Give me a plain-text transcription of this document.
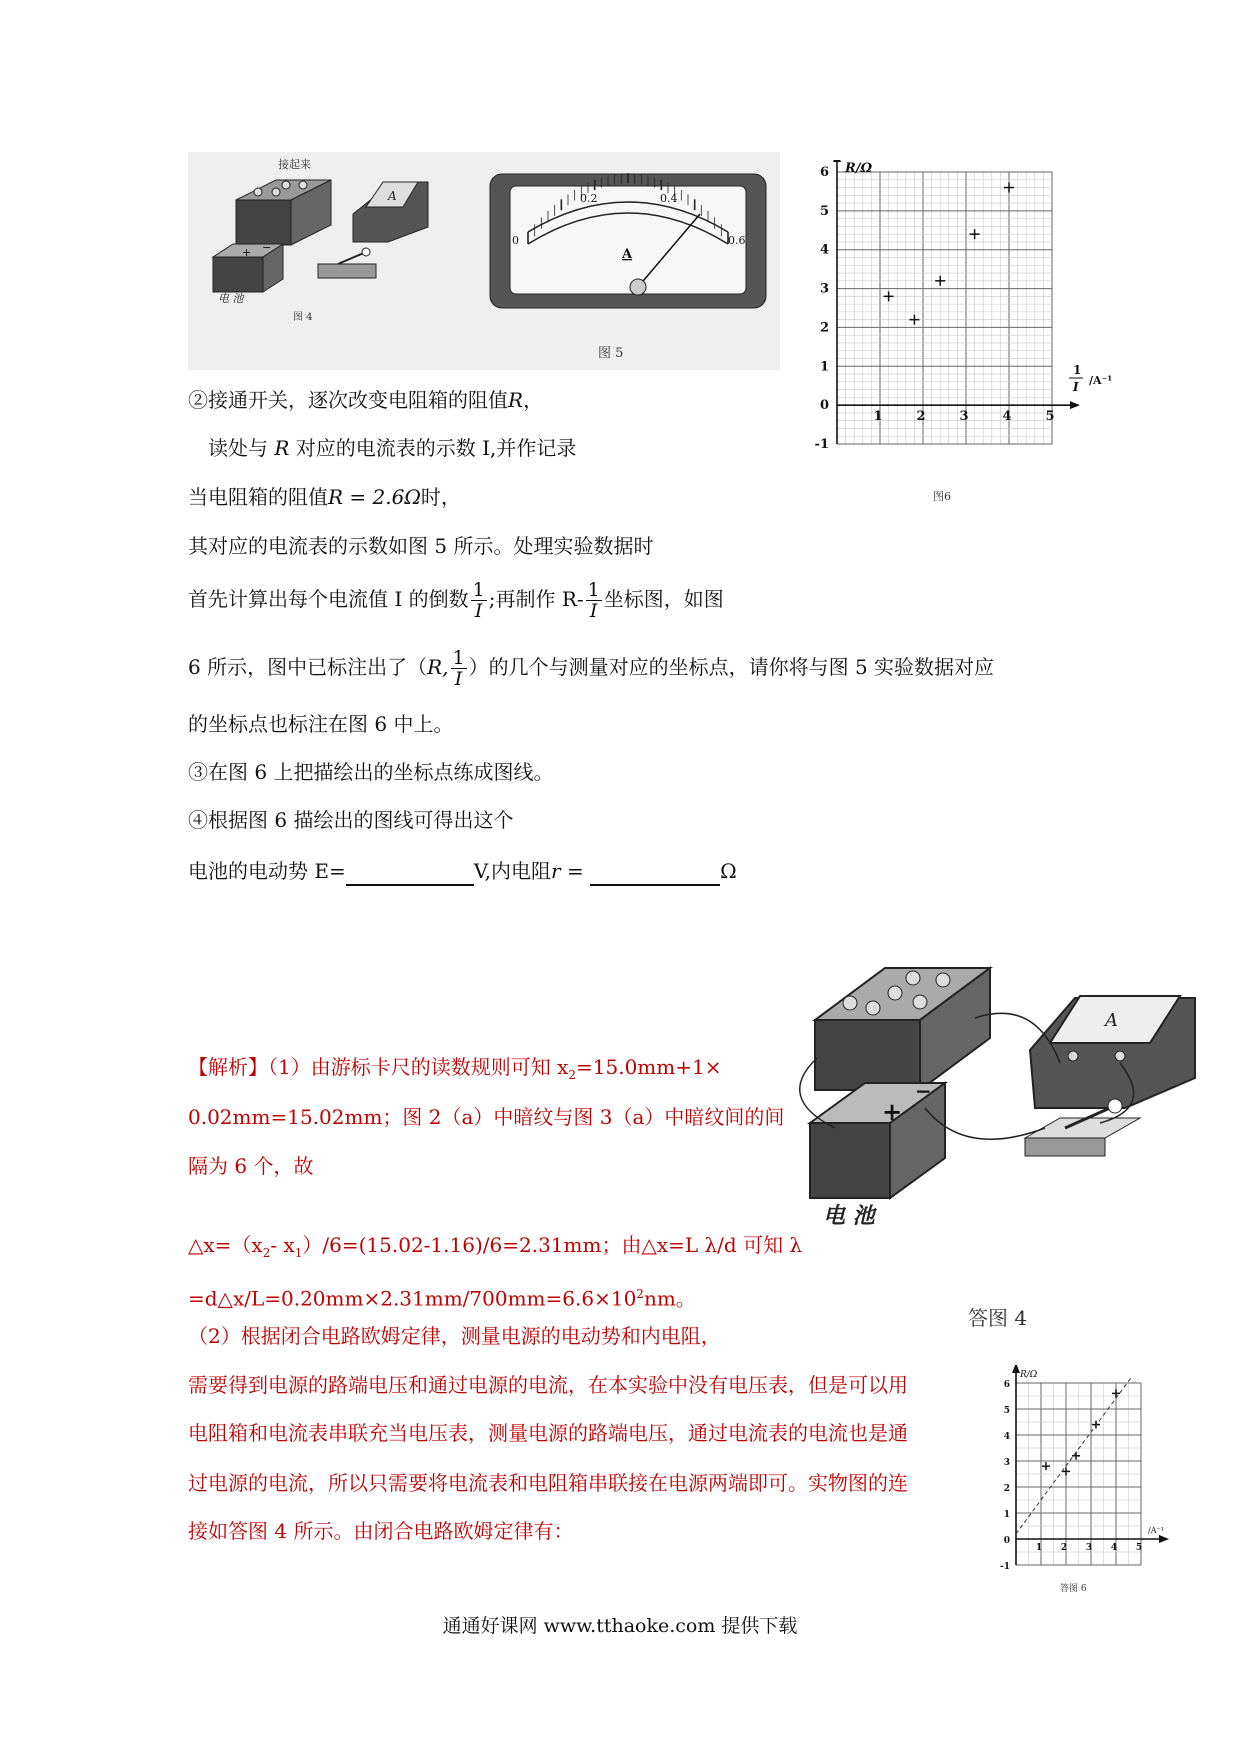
接起来
A
+ −
电 池
图 4
0
0.2	0.4
0.6
A
图 5
6
5
4
3
2
1
0
-1
1	2	3	4	5
R/Ω
1
I /A⁻¹
图6
②接通开关，逐次改变电阻箱的阻值R，
读处与 R 对应的电流表的示数 I,并作记录
当电阻箱的阻值R = 2.6Ω时，
其对应的电流表的示数如图 5 所示。处理实验数据时
首先计算出每个电流值 I 的倒数 $\frac{1}{I}$ ;再制作 $R- \frac{1}{I}$ 坐标图，如图
6 所示，图中已标注出了（R, $\frac{1}{I}$ ）的几个与测量对应的坐标点，请你将与图 5 实验数据对应
的坐标点也标注在图 6 中上。
③在图 6 上把描绘出的坐标点练成图线。
④根据图 6 描绘出的图线可得出这个
电池的电动势 E=	V,内电阻r =	Ω
A
+
−
电 池
答图 4
【解析】（1）由游标卡尺的读数规则可知 $x_2=15.0mm+1\times$
0.02mm=15.02mm；图 2（a）中暗纹与图 3（a）中暗纹间的间
隔为 6 个，故
$\triangle x=(x_2-$ $x_1)/6=(15.02-1.16)/6=2.31mm$；由△x=L λ/d 可知 λ
$=d\triangle x/L=0.20mm\times 2.31mm/700mm=6.6\times 10^2nm$。
（2）根据闭合电路欧姆定律，测量电源的电动势和内电阻，
需要得到电源的路端电压和通过电源的电流，在本实验中没有电压表，但是可以用
电阻箱和电流表串联充当电压表，测量电源的路端电压，通过电流表的电流也是通
过电源的电流，所以只需要将电流表和电阻箱串联接在电源两端即可。实物图的连
接如答图 4 所示。由闭合电路欧姆定律有：
6
5
4
3
2
1
0
-1
1 2 3 4 5
R/Ω
/A⁻¹
答图 6
通通好课网 www.tthaoke.com 提供下载
